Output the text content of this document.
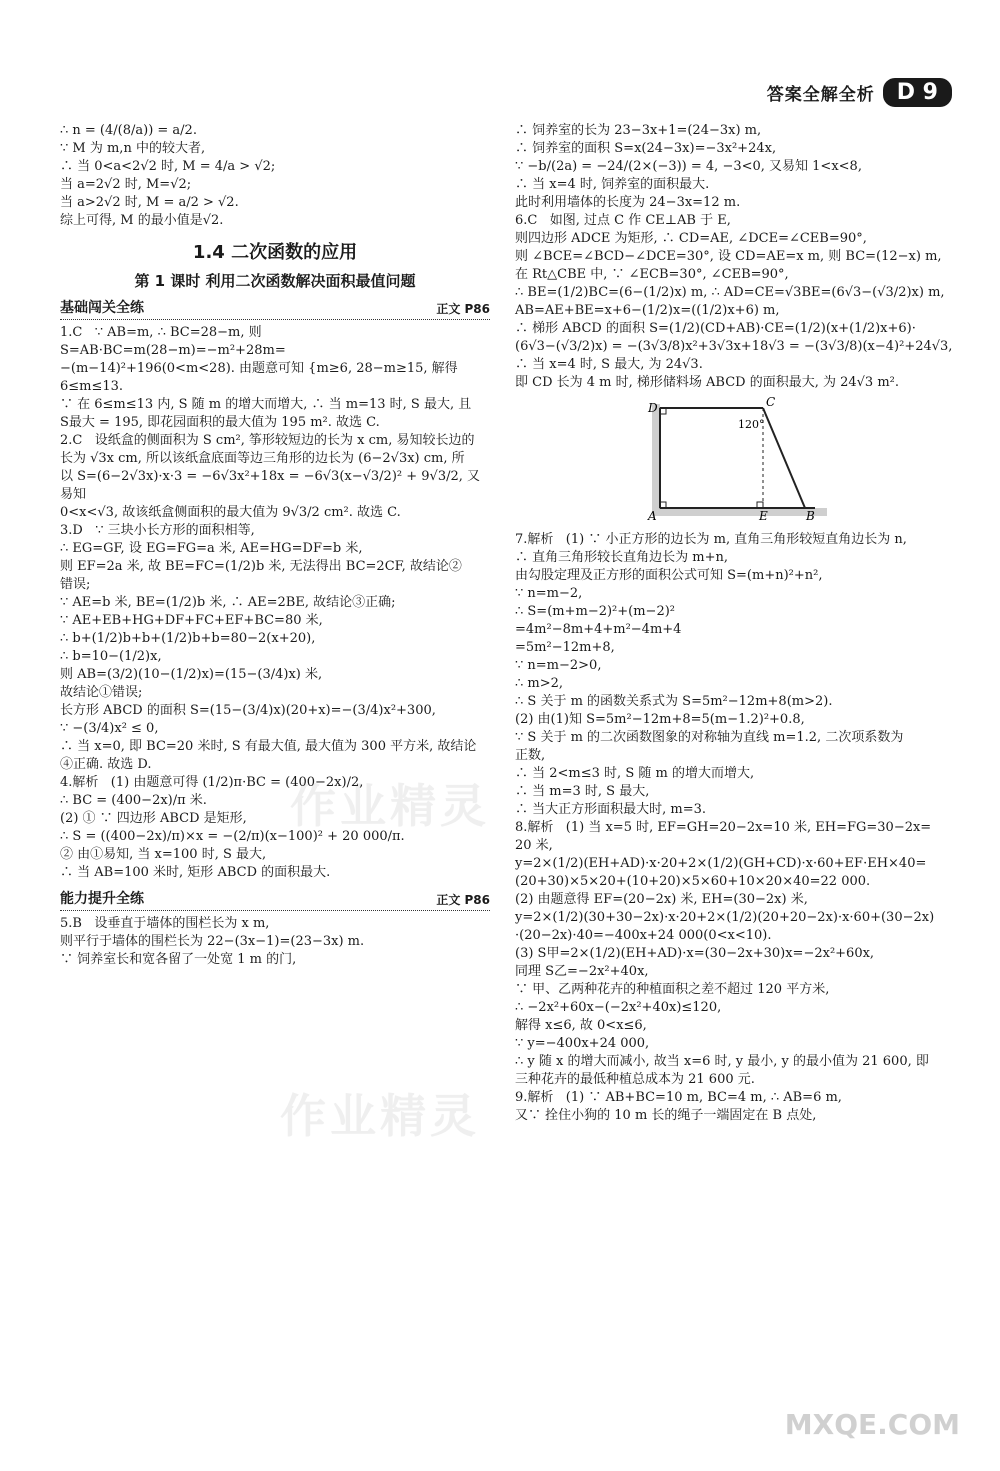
答案全解全析	D 9

∴ n = (4/(8/a)) = a/2.

∵ M 为 m,n 中的较大者,

∴ 当 0<a<2√2 时, M = 4/a > √2;

当 a=2√2 时, M=√2;

当 a>2√2 时, M = a/2 > √2.

综上可得, M 的最小值是√2.

1.4 二次函数的应用
第 1 课时 利用二次函数解决面积最值问题
基础闯关全练	正文 P86

1.C   ∵ AB=m, ∴ BC=28−m, 则 S=AB·BC=m(28−m)=−m²+28m=

−(m−14)²+196(0<m<28). 由题意可知 {m≥6, 28−m≥15, 解得 6≤m≤13.

∵ 在 6≤m≤13 内, S 随 m 的增大而增大, ∴ 当 m=13 时, S 最大, 且

S最大 = 195, 即花园面积的最大值为 195 m². 故选 C.

2.C   设纸盒的侧面积为 S cm², 筝形较短边的长为 x cm, 易知较长边的

长为 √3x cm, 所以该纸盒底面等边三角形的边长为 (6−2√3x) cm, 所

以 S=(6−2√3x)·x·3 = −6√3x²+18x = −6√3(x−√3/2)² + 9√3/2, 又易知

0<x<√3, 故该纸盒侧面积的最大值为 9√3/2 cm². 故选 C.

3.D   ∵ 三块小长方形的面积相等,

∴ EG=GF, 设 EG=FG=a 米, AE=HG=DF=b 米,

则 EF=2a 米, 故 BE=FC=(1/2)b 米, 无法得出 BC=2CF, 故结论②

错误;

∵ AE=b 米, BE=(1/2)b 米, ∴ AE=2BE, 故结论③正确;

∵ AE+EB+HG+DF+FC+EF+BC=80 米,

∴ b+(1/2)b+b+(1/2)b+b=80−2(x+20),

∴ b=10−(1/2)x,

则 AB=(3/2)(10−(1/2)x)=(15−(3/4)x) 米,

故结论①错误;

长方形 ABCD 的面积 S=(15−(3/4)x)(20+x)=−(3/4)x²+300,

∵ −(3/4)x² ≤ 0,

∴ 当 x=0, 即 BC=20 米时, S 有最大值, 最大值为 300 平方米, 故结论

④正确. 故选 D.

4.解析   (1) 由题意可得 (1/2)π·BC = (400−2x)/2,

∴ BC = (400−2x)/π 米.

(2) ① ∵ 四边形 ABCD 是矩形,

∴ S = ((400−2x)/π)×x = −(2/π)(x−100)² + 20 000/π.

② 由①易知, 当 x=100 时, S 最大,

∴ 当 AB=100 米时, 矩形 ABCD 的面积最大.

能力提升全练	正文 P86

5.B   设垂直于墙体的围栏长为 x m,

则平行于墙体的围栏长为 22−(3x−1)=(23−3x) m.

∵ 饲养室长和宽各留了一处宽 1 m 的门,

∴ 饲养室的长为 23−3x+1=(24−3x) m,

∴ 饲养室的面积 S=x(24−3x)=−3x²+24x,

∵ −b/(2a) = −24/(2×(−3)) = 4, −3<0, 又易知 1<x<8,

∴ 当 x=4 时, 饲养室的面积最大.

此时利用墙体的长度为 24−3x=12 m.

6.C   如图, 过点 C 作 CE⊥AB 于 E,

则四边形 ADCE 为矩形, ∴ CD=AE, ∠DCE=∠CEB=90°,

则 ∠BCE=∠BCD−∠DCE=30°, 设 CD=AE=x m, 则 BC=(12−x) m,

在 Rt△CBE 中, ∵ ∠ECB=30°, ∠CEB=90°,

∴ BE=(1/2)BC=(6−(1/2)x) m, ∴ AD=CE=√3BE=(6√3−(√3/2)x) m,

AB=AE+BE=x+6−(1/2)x=((1/2)x+6) m,

∴ 梯形 ABCD 的面积 S=(1/2)(CD+AB)·CE=(1/2)(x+(1/2)x+6)·

(6√3−(√3/2)x) = −(3√3/8)x²+3√3x+18√3 = −(3√3/8)(x−4)²+24√3,

∴ 当 x=4 时, S 最大, 为 24√3.

即 CD 长为 4 m 时, 梯形储料场 ABCD 的面积最大, 为 24√3 m².

D	C
120°
A	E	B

7.解析   (1) ∵ 小正方形的边长为 m, 直角三角形较短直角边长为 n,

∴ 直角三角形较长直角边长为 m+n,

由勾股定理及正方形的面积公式可知 S=(m+n)²+n²,

∵ n=m−2,

∴ S=(m+m−2)²+(m−2)²

=4m²−8m+4+m²−4m+4

=5m²−12m+8,

∵ n=m−2>0,

∴ m>2,

∴ S 关于 m 的函数关系式为 S=5m²−12m+8(m>2).

(2) 由(1)知 S=5m²−12m+8=5(m−1.2)²+0.8,

∵ S 关于 m 的二次函数图象的对称轴为直线 m=1.2, 二次项系数为

正数,

∴ 当 2<m≤3 时, S 随 m 的增大而增大,

∴ 当 m=3 时, S 最大,

∴ 当大正方形面积最大时, m=3.

8.解析   (1) 当 x=5 时, EF=GH=20−2x=10 米, EH=FG=30−2x=

20 米,

y=2×(1/2)(EH+AD)·x·20+2×(1/2)(GH+CD)·x·60+EF·EH×40=

(20+30)×5×20+(10+20)×5×60+10×20×40=22 000.

(2) 由题意得 EF=(20−2x) 米, EH=(30−2x) 米,

y=2×(1/2)(30+30−2x)·x·20+2×(1/2)(20+20−2x)·x·60+(30−2x)

·(20−2x)·40=−400x+24 000(0<x<10).

(3) S甲=2×(1/2)(EH+AD)·x=(30−2x+30)x=−2x²+60x,

同理 S乙=−2x²+40x,

∵ 甲、乙两种花卉的种植面积之差不超过 120 平方米,

∴ −2x²+60x−(−2x²+40x)≤120,

解得 x≤6, 故 0<x≤6,

∵ y=−400x+24 000,

∴ y 随 x 的增大而减小, 故当 x=6 时, y 最小, y 的最小值为 21 600, 即

三种花卉的最低种植总成本为 21 600 元.

9.解析   (1) ∵ AB+BC=10 m, BC=4 m, ∴ AB=6 m,

又∵ 拴住小狗的 10 m 长的绳子一端固定在 B 点处,

作业精灵
作业精灵
MXQE.COM
